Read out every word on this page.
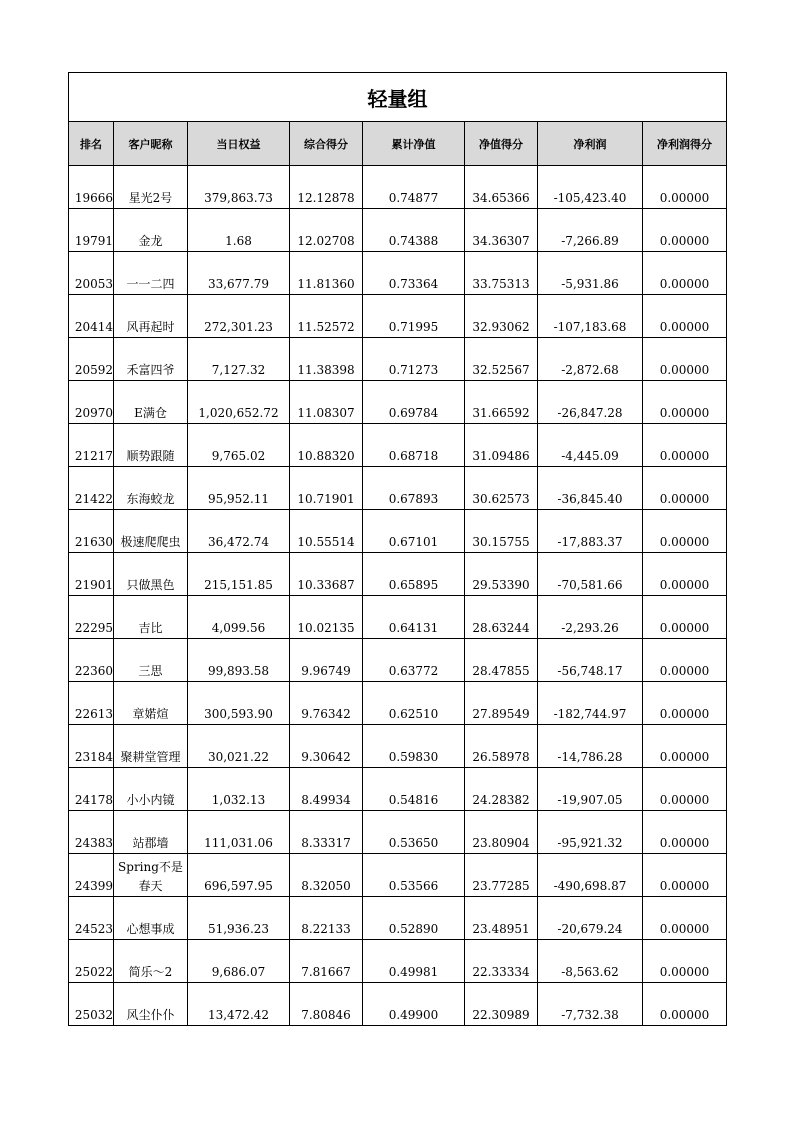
轻量组							
排名	客户昵称	当日权益	综合得分	累计净值	净值得分	净利润	净利润得分
19666	星光2号	379,863.73	12.12878	0.74877	34.65366	-105,423.40	0.00000
19791	金龙	1.68	12.02708	0.74388	34.36307	-7,266.89	0.00000
20053	一一二四	33,677.79	11.81360	0.73364	33.75313	-5,931.86	0.00000
20414	风再起时	272,301.23	11.52572	0.71995	32.93062	-107,183.68	0.00000
20592	禾富四爷	7,127.32	11.38398	0.71273	32.52567	-2,872.68	0.00000
20970	E满仓	1,020,652.72	11.08307	0.69784	31.66592	-26,847.28	0.00000
21217	顺势跟随	9,765.02	10.88320	0.68718	31.09486	-4,445.09	0.00000
21422	东海蛟龙	95,952.11	10.71901	0.67893	30.62573	-36,845.40	0.00000
21630	极速爬爬虫	36,472.74	10.55514	0.67101	30.15755	-17,883.37	0.00000
21901	只做黑色	215,151.85	10.33687	0.65895	29.53390	-70,581.66	0.00000
22295	吉比	4,099.56	10.02135	0.64131	28.63244	-2,293.26	0.00000
22360	三思	99,893.58	9.96749	0.63772	28.47855	-56,748.17	0.00000
22613	章婼煊	300,593.90	9.76342	0.62510	27.89549	-182,744.97	0.00000
23184	聚耕堂管理	30,021.22	9.30642	0.59830	26.58978	-14,786.28	0.00000
24178	小小内镜	1,032.13	8.49934	0.54816	24.28382	-19,907.05	0.00000
24383	站郡墙	111,031.06	8.33317	0.53650	23.80904	-95,921.32	0.00000
24399	Spring不是春天	696,597.95	8.32050	0.53566	23.77285	-490,698.87	0.00000
24523	心想事成	51,936.23	8.22133	0.52890	23.48951	-20,679.24	0.00000
25022	简乐～2	9,686.07	7.81667	0.49981	22.33334	-8,563.62	0.00000
25032	风尘仆仆	13,472.42	7.80846	0.49900	22.30989	-7,732.38	0.00000
